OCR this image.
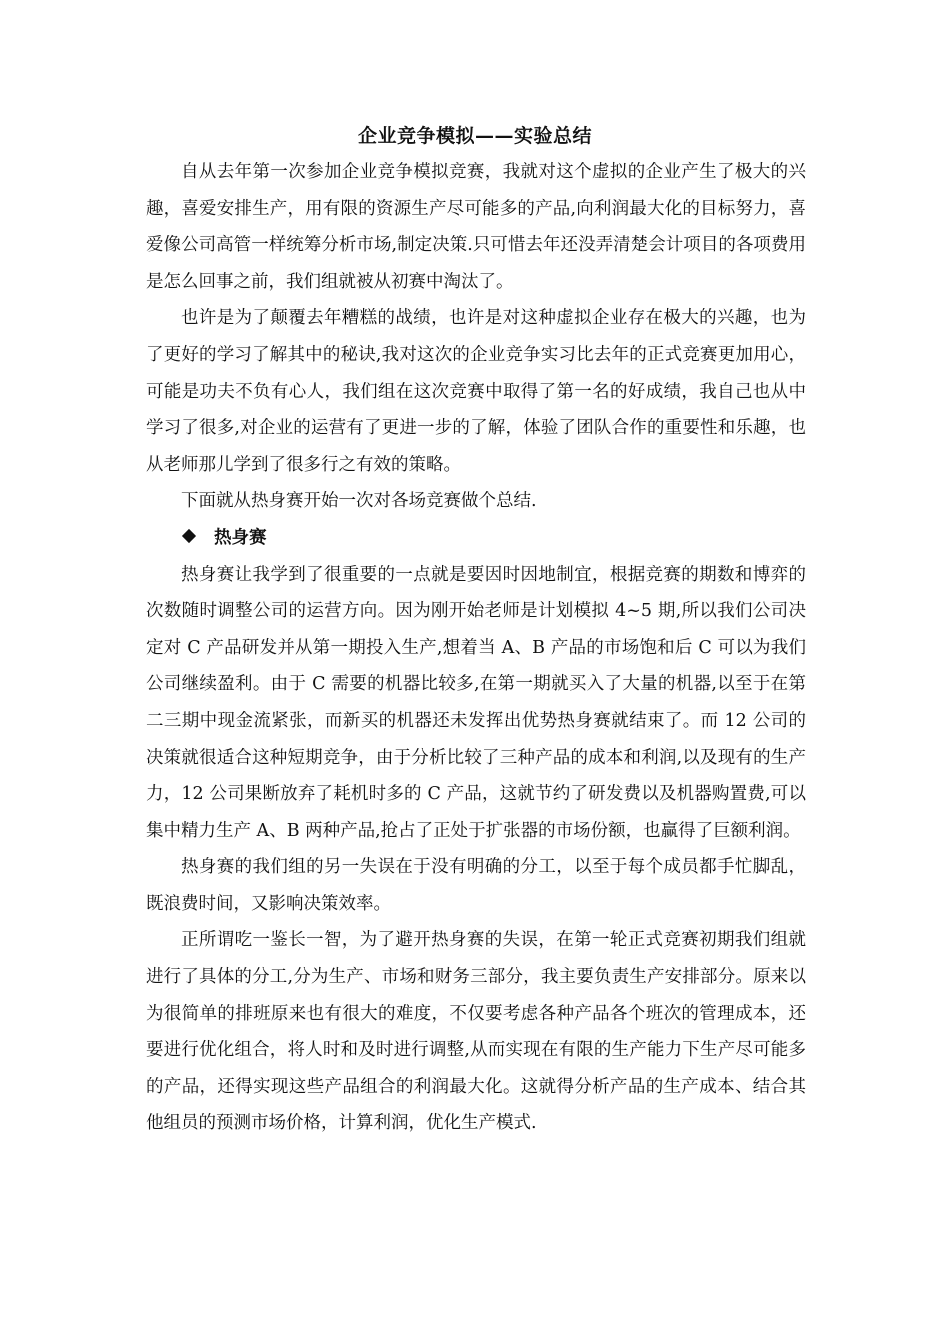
企业竞争模拟——实验总结

自从去年第一次参加企业竞争模拟竞赛，我就对这个虚拟的企业产生了极大的兴趣，喜爱安排生产，用有限的资源生产尽可能多的产品,向利润最大化的目标努力，喜爱像公司高管一样统筹分析市场,制定决策.只可惜去年还没弄清楚会计项目的各项费用是怎么回事之前，我们组就被从初赛中淘汰了。

也许是为了颠覆去年糟糕的战绩，也许是对这种虚拟企业存在极大的兴趣，也为了更好的学习了解其中的秘诀,我对这次的企业竞争实习比去年的正式竞赛更加用心，可能是功夫不负有心人，我们组在这次竞赛中取得了第一名的好成绩，我自己也从中学习了很多,对企业的运营有了更进一步的了解，体验了团队合作的重要性和乐趣，也从老师那儿学到了很多行之有效的策略。

下面就从热身赛开始一次对各场竞赛做个总结.

热身赛

热身赛让我学到了很重要的一点就是要因时因地制宜，根据竞赛的期数和博弈的次数随时调整公司的运营方向。因为刚开始老师是计划模拟 4~5 期,所以我们公司决定对 C 产品研发并从第一期投入生产,想着当 A、B 产品的市场饱和后 C 可以为我们公司继续盈利。由于 C 需要的机器比较多,在第一期就买入了大量的机器,以至于在第二三期中现金流紧张，而新买的机器还未发挥出优势热身赛就结束了。而 12 公司的决策就很适合这种短期竞争，由于分析比较了三种产品的成本和利润,以及现有的生产力，12 公司果断放弃了耗机时多的 C 产品，这就节约了研发费以及机器购置费,可以集中精力生产 A、B 两种产品,抢占了正处于扩张器的市场份额，也赢得了巨额利润。

热身赛的我们组的另一失误在于没有明确的分工，以至于每个成员都手忙脚乱，既浪费时间，又影响决策效率。

正所谓吃一鉴长一智，为了避开热身赛的失误，在第一轮正式竞赛初期我们组就进行了具体的分工,分为生产、市场和财务三部分，我主要负责生产安排部分。原来以为很简单的排班原来也有很大的难度，不仅要考虑各种产品各个班次的管理成本，还要进行优化组合，将人时和及时进行调整,从而实现在有限的生产能力下生产尽可能多的产品，还得实现这些产品组合的利润最大化。这就得分析产品的生产成本、结合其他组员的预测市场价格，计算利润，优化生产模式.
